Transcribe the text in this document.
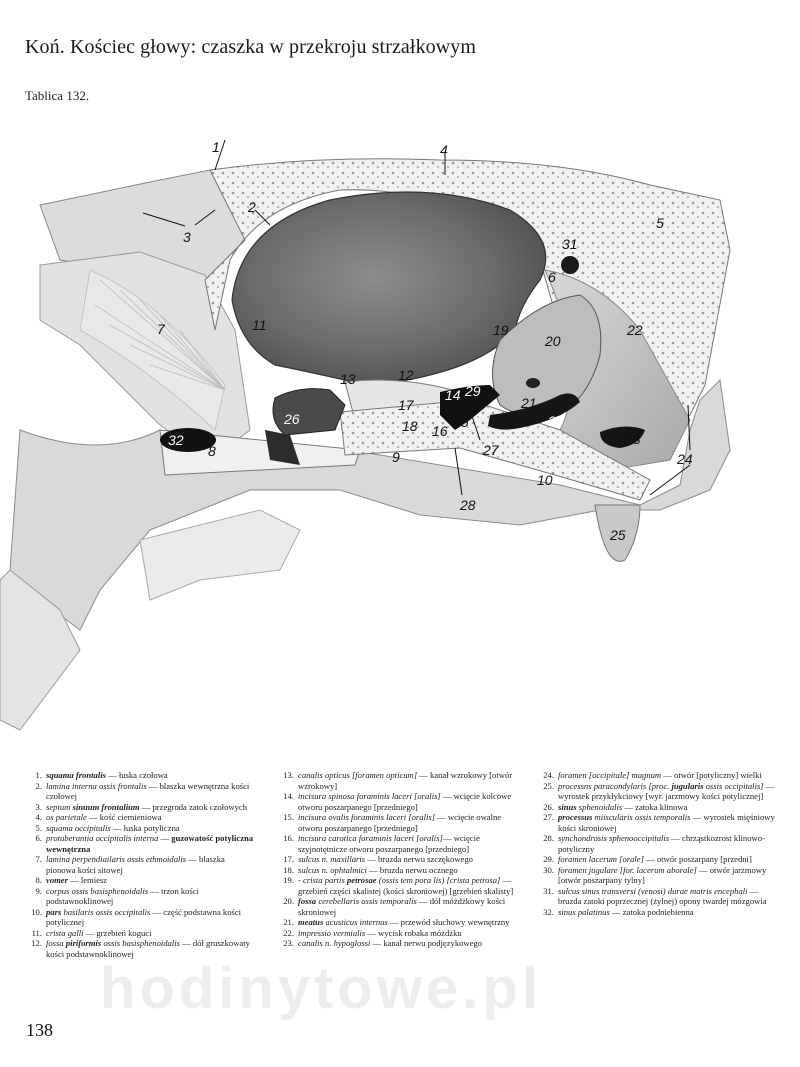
Koń. Kościec głowy: czaszka w przekroju strzałkowym
Tablica 132.
1
2
3
4
5
6
7
8	9
10
11
12
13
14
15
16
17
18
19
20
21
22
23
24
25
26
27
28
29
30
31
32
1. squama frontalis — łuska czołowa
2. lamina interna ossis frontalis — blaszka wewnętrzna kości czołowej
3. septum sinuum frontalium — przegroda zatok czołowych
4. os parietale — kość ciemieniowa
5. squama occipitalis — łuska potyliczna
6. protuberantia occipitalis interna — guzowatość potyliczna wewnętrzna
7. lamina perpendiailaris ossis ethmoidalis — blaszka pionowa kości sitowej
8. vomer — lemiesz
9. corpus ossis basisphenoidalis — trzon kości podstawnoklinowej
10. pars basilaris ossis occipitalis — część podstawna kości potylicznej
11. crista galli — grzebień koguci
12. fossa piriformis ossis basisphenoidalis — dół gruszkowaty kości podstawnoklinowej
13. canalis opticus [foramen opticum] — kanał wzrokowy [otwór wzrokowy]
14. incisura spinosa foraminis laceri [oralis] — wcięcie kolcowe otworu poszarpanego [przedniego]
15. incisura ovalis foraminis laceri [oralis] — wcięcie owalne otworu poszarpanego [przedniego]
16. incisura carotica foraminis laceri [oralis]— wcięcie szyjnotętnicze otworu poszarpanego [przedniego]
17. sulcus n. maxillaris — bruzda nerwu szczękowego
18. sulcus n. ophtalmici — bruzda nerwu ocznego
19. - crista partis petrosae (ossis tem pora lis) [crista petrosa] — grzebień części skalistej (kości skroniowej) [grzebień skalisty]
20. fossa cerebellaris ossis temporalis — dół móżdżkowy kości skroniowej
21. meatus acusticus internus — przewód słuchowy wewnętrzny
22. impressio vermialis — wycisk robaka móżdżku
23. canalis n. hypoglossi — kanał nerwu podjęzykowego
24. foramen [occipitale] magnum — otwór [potyliczny] wielki
25. processns paracondylaris [proc. jugularis ossis occipitalis] — wyrostek przykłykciowy [wyr. jarzmowy kości potylicznej]
26. sinus sphenoidalis — zatoka klinowa
27. processus miiscularis ossis temporalis — wyrostek mięśniowy kości skroniowej
28. synchondrosis sphenooccipitalis — chrząstkozrost klinowo-potyliczny
29. foramen lacerum [orale] — otwór poszarpany [przedni]
30. foramen jugulare [for. lacerum aborale] — otwór jarzmowy [otwór poszarpany tylny]
31. sulcus sinus transversi (venosi) durae matris encephali — bruzda zatoki poprzecznej (żylnej) opony twardej mózgowia
32. sinus palatinus — zatoka podniebienna
hodinytowe.pl
138
